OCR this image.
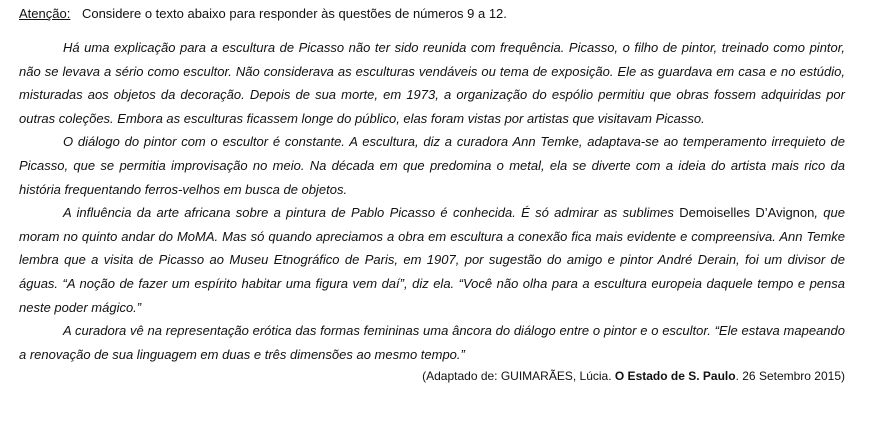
Atenção: Considere o texto abaixo para responder às questões de números 9 a 12.

Há uma explicação para a escultura de Picasso não ter sido reunida com frequência. Picasso, o filho de pintor, treinado como pintor, não se levava a sério como escultor. Não considerava as esculturas vendáveis ou tema de exposição. Ele as guardava em casa e no estúdio, misturadas aos objetos da decoração. Depois de sua morte, em 1973, a organização do espólio permitiu que obras fossem adquiridas por outras coleções. Embora as esculturas ficassem longe do público, elas foram vistas por artistas que visitavam Picasso.

O diálogo do pintor com o escultor é constante. A escultura, diz a curadora Ann Temke, adaptava-se ao temperamento irrequieto de Picasso, que se permitia improvisação no meio. Na década em que predomina o metal, ela se diverte com a ideia do artista mais rico da história frequentando ferros-velhos em busca de objetos.

A influência da arte africana sobre a pintura de Pablo Picasso é conhecida. É só admirar as sublimes Demoiselles D’Avignon, que moram no quinto andar do MoMA. Mas só quando apreciamos a obra em escultura a conexão fica mais evidente e compreensiva. Ann Temke lembra que a visita de Picasso ao Museu Etnográfico de Paris, em 1907, por sugestão do amigo e pintor André Derain, foi um divisor de águas. “A noção de fazer um espírito habitar uma figura vem daí”, diz ela. “Você não olha para a escultura europeia daquele tempo e pensa neste poder mágico.”

A curadora vê na representação erótica das formas femininas uma âncora do diálogo entre o pintor e o escultor. “Ele estava mapeando a renovação de sua linguagem em duas e três dimensões ao mesmo tempo.”

(Adaptado de: GUIMARÃES, Lúcia. O Estado de S. Paulo. 26 Setembro 2015)
